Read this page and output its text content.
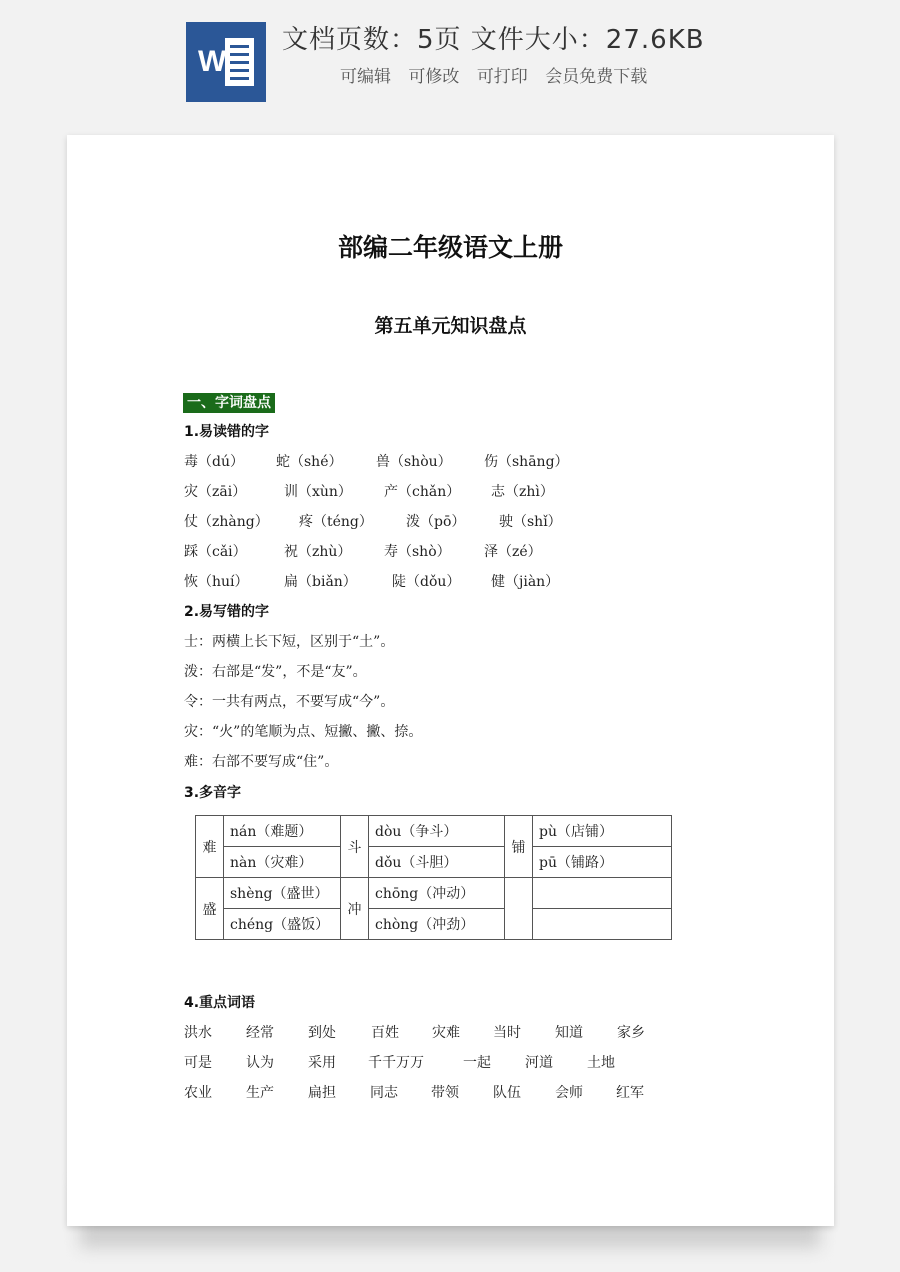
W
文档页数：5页 文件大小：27.6KB
可编辑 可修改 可打印 会员免费下载
部编二年级语文上册
第五单元知识盘点
一、字词盘点
1.易读错的字
毒（dú） 蛇（shé） 兽（shòu） 伤（shāng）
灾（zāi）	训（xùn） 产（chǎn） 志（zhì）
仗（zhàng） 疼（téng） 泼（pō） 驶（shǐ）
踩（cǎi）	祝（zhù） 寿（shò） 泽（zé）
恢（huí）	扁（biǎn）	陡（dǒu） 健（jiàn）
2.易写错的字
士：两横上长下短，区别于“土”。
泼：右部是“发”，不是“友”。
令：一共有两点，不要写成“今”。
灾：“火”的笔顺为点、短撇、撇、捺。
难：右部不要写成“住”。
3.多音字
难	nán（难题）	斗	dòu（争斗）	铺	pù（店铺）
	nàn（灾难）		dǒu（斗胆）		pū（铺路）
盛	shèng（盛世）	冲	chōng（冲动）		
	chéng（盛饭）		chòng（冲劲）		
4.重点词语
洪水 经常 到处	百姓 灾难 当时 知道 家乡
可是 认为 采用 千千万万	一起 河道 土地
农业 生产 扁担 同志 带领 队伍 会师 红军
